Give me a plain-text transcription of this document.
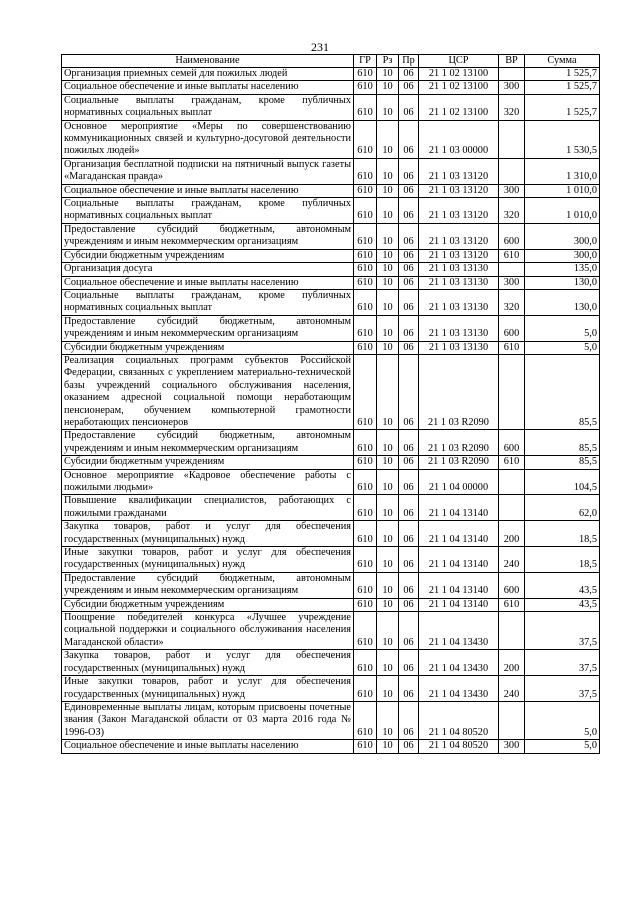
231
Наименование	ГР	Рз	Пр	ЦСР	ВР	Сумма
Организация приемных семей для пожилых людей	610	10	06	21 1 02 13100		1 525,7
Социальное обеспечение и иные выплаты населению	610	10	06	21 1 02 13100	300	1 525,7
Социальные выплаты гражданам, кроме публичных нормативных социальных выплат	610	10	06	21 1 02 13100	320	1 525,7
Основное мероприятие «Меры по совершенствованию коммуникационных связей и культурно-досуговой деятельности пожилых людей»	610	10	06	21 1 03 00000		1 530,5
Организация бесплатной подписки на пятничный выпуск газеты «Магаданская правда»	610	10	06	21 1 03 13120		1 310,0
Социальное обеспечение и иные выплаты населению	610	10	06	21 1 03 13120	300	1 010,0
Социальные выплаты гражданам, кроме публичных нормативных социальных выплат	610	10	06	21 1 03 13120	320	1 010,0
Предоставление субсидий бюджетным, автономным учреждениям и иным некоммерческим организациям	610	10	06	21 1 03 13120	600	300,0
Субсидии бюджетным учреждениям	610	10	06	21 1 03 13120	610	300,0
Организация досуга	610	10	06	21 1 03 13130		135,0
Социальное обеспечение и иные выплаты населению	610	10	06	21 1 03 13130	300	130,0
Социальные выплаты гражданам, кроме публичных нормативных социальных выплат	610	10	06	21 1 03 13130	320	130,0
Предоставление субсидий бюджетным, автономным учреждениям и иным некоммерческим организациям	610	10	06	21 1 03 13130	600	5,0
Субсидии бюджетным учреждениям	610	10	06	21 1 03 13130	610	5,0
Реализация социальных программ субъектов Российской Федерации, связанных с укреплением материально-технической базы учреждений социального обслуживания населения, оказанием адресной социальной помощи неработающим пенсионерам, обучением компьютерной грамотности неработающих пенсионеров	610	10	06	21 1 03 R2090		85,5
Предоставление субсидий бюджетным, автономным учреждениям и иным некоммерческим организациям	610	10	06	21 1 03 R2090	600	85,5
Субсидии бюджетным учреждениям	610	10	06	21 1 03 R2090	610	85,5
Основное мероприятие «Кадровое обеспечение работы с пожилыми людьми»	610	10	06	21 1 04 00000		104,5
Повышение квалификации специалистов, работающих с пожилыми гражданами	610	10	06	21 1 04 13140		62,0
Закупка товаров, работ и услуг для обеспечения государственных (муниципальных) нужд	610	10	06	21 1 04 13140	200	18,5
Иные закупки товаров, работ и услуг для обеспечения государственных (муниципальных) нужд	610	10	06	21 1 04 13140	240	18,5
Предоставление субсидий бюджетным, автономным учреждениям и иным некоммерческим организациям	610	10	06	21 1 04 13140	600	43,5
Субсидии бюджетным учреждениям	610	10	06	21 1 04 13140	610	43,5
Поощрение победителей конкурса «Лучшее учреждение социальной поддержки и социального обслуживания населения Магаданской области»	610	10	06	21 1 04 13430		37,5
Закупка товаров, работ и услуг для обеспечения государственных (муниципальных) нужд	610	10	06	21 1 04 13430	200	37,5
Иные закупки товаров, работ и услуг для обеспечения государственных (муниципальных) нужд	610	10	06	21 1 04 13430	240	37,5
Единовременные выплаты лицам, которым присвоены почетные звания (Закон Магаданской области от 03 марта 2016 года № 1996-ОЗ)	610	10	06	21 1 04 80520		5,0
Социальное обеспечение и иные выплаты населению	610	10	06	21 1 04 80520	300	5,0
